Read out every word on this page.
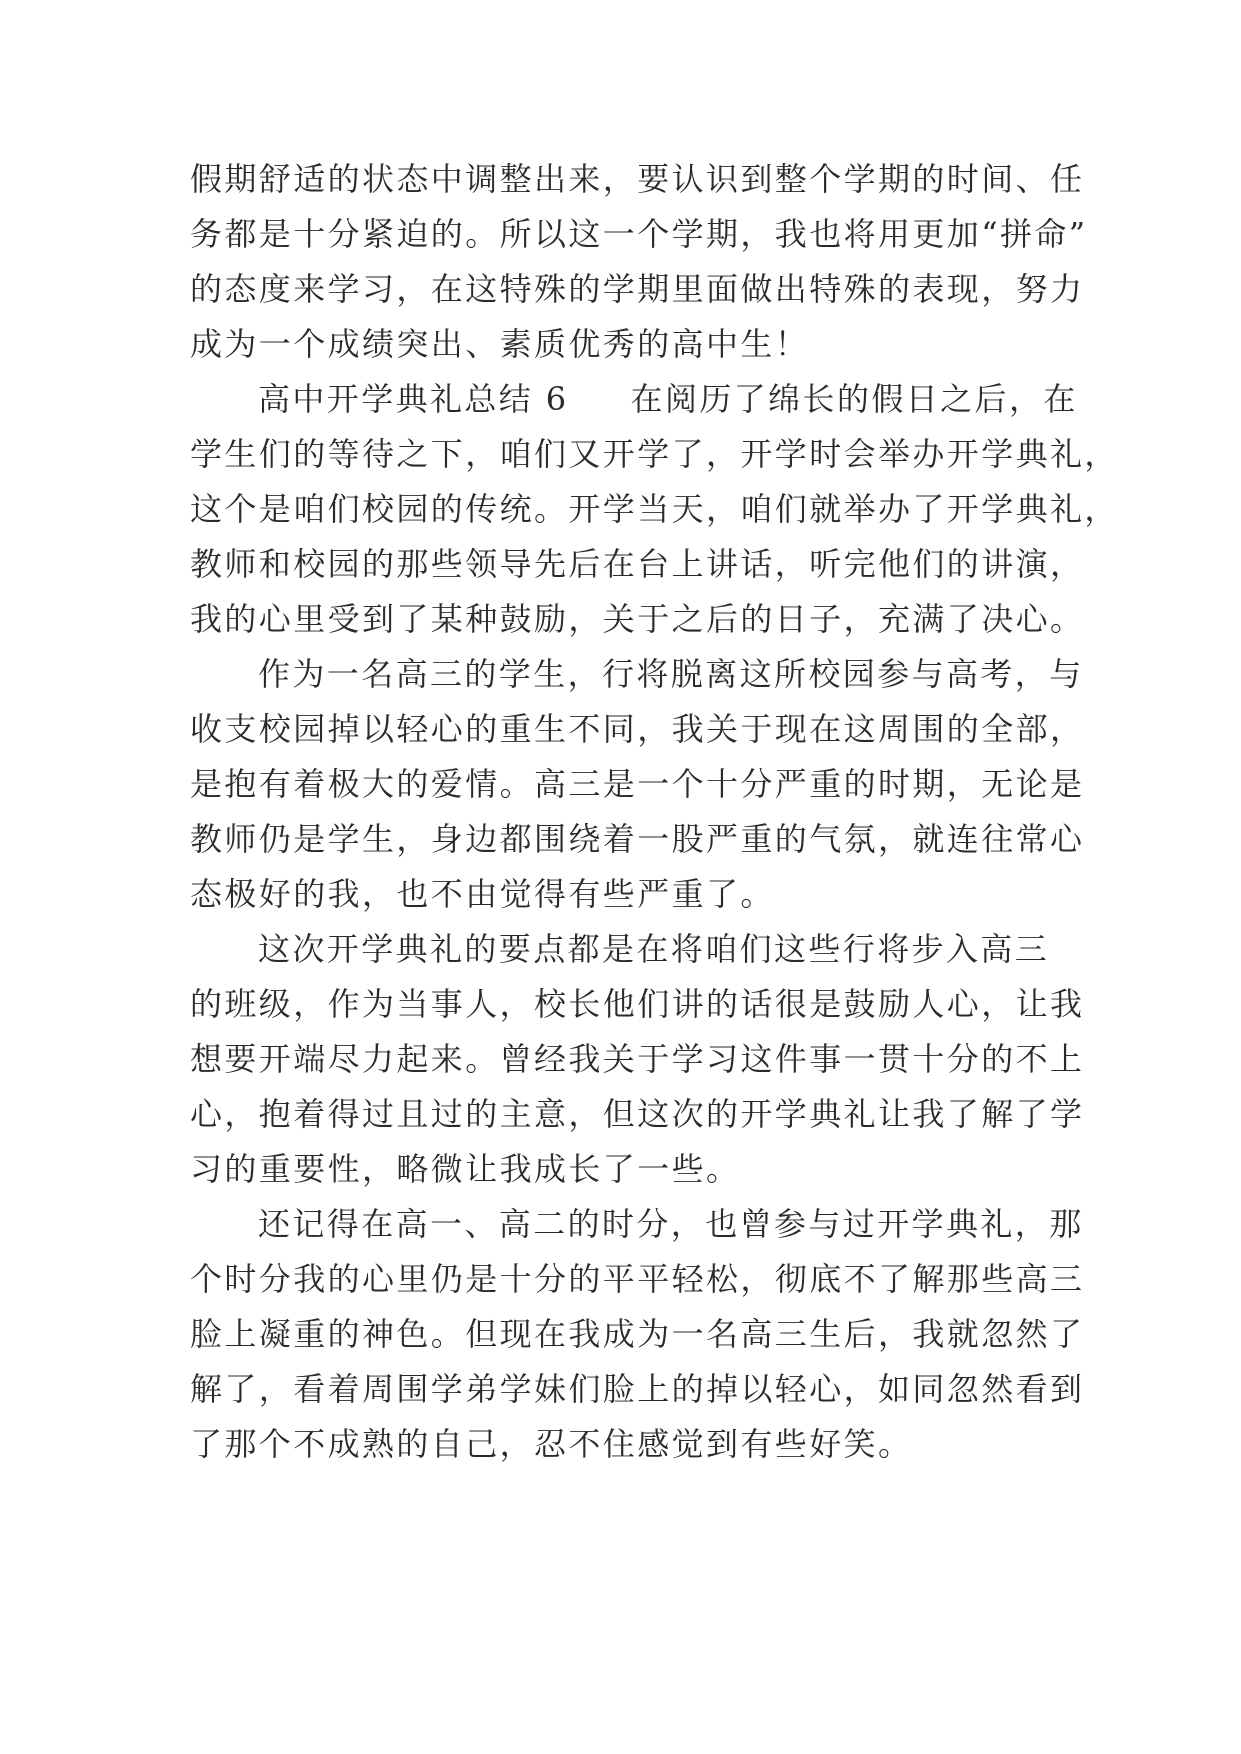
假期舒适的状态中调整出来，要认识到整个学期的时间、任
务都是十分紧迫的。所以这一个学期，我也将用更加“拼命”
的态度来学习，在这特殊的学期里面做出特殊的表现，努力
成为一个成绩突出、素质优秀的高中生！
高中开学典礼总结 6 在阅历了绵长的假日之后，在
学生们的等待之下，咱们又开学了，开学时会举办开学典礼，
这个是咱们校园的传统。开学当天，咱们就举办了开学典礼，
教师和校园的那些领导先后在台上讲话，听完他们的讲演，
我的心里受到了某种鼓励，关于之后的日子，充满了决心。
作为一名高三的学生，行将脱离这所校园参与高考，与
收支校园掉以轻心的重生不同，我关于现在这周围的全部，
是抱有着极大的爱情。高三是一个十分严重的时期，无论是
教师仍是学生，身边都围绕着一股严重的气氛，就连往常心
态极好的我，也不由觉得有些严重了。
这次开学典礼的要点都是在将咱们这些行将步入高三
的班级，作为当事人，校长他们讲的话很是鼓励人心，让我
想要开端尽力起来。曾经我关于学习这件事一贯十分的不上
心，抱着得过且过的主意，但这次的开学典礼让我了解了学
习的重要性，略微让我成长了一些。
还记得在高一、高二的时分，也曾参与过开学典礼，那
个时分我的心里仍是十分的平平轻松，彻底不了解那些高三
脸上凝重的神色。但现在我成为一名高三生后，我就忽然了
解了，看着周围学弟学妹们脸上的掉以轻心，如同忽然看到
了那个不成熟的自己，忍不住感觉到有些好笑。
